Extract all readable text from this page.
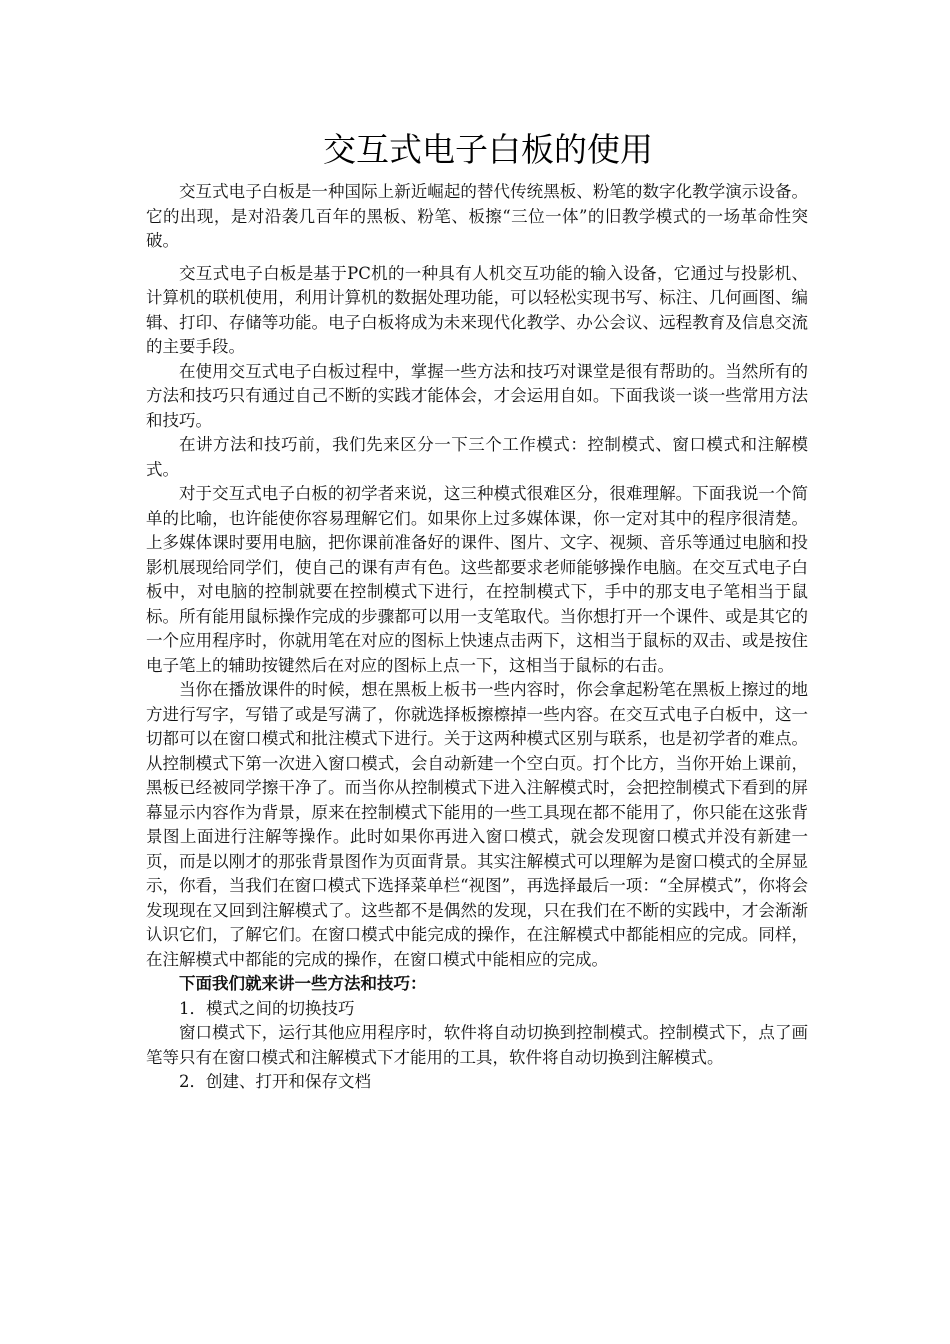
交互式电子白板的使用

交互式电子白板是一种国际上新近崛起的替代传统黑板、粉笔的数字化教学演示设备。它的出现，是对沿袭几百年的黑板、粉笔、板擦“三位一体”的旧教学模式的一场革命性突破。

交互式电子白板是基于PC机的一种具有人机交互功能的输入设备，它通过与投影机、计算机的联机使用，利用计算机的数据处理功能，可以轻松实现书写、标注、几何画图、编辑、打印、存储等功能。电子白板将成为未来现代化教学、办公会议、远程教育及信息交流的主要手段。

在使用交互式电子白板过程中，掌握一些方法和技巧对课堂是很有帮助的。当然所有的方法和技巧只有通过自己不断的实践才能体会，才会运用自如。下面我谈一谈一些常用方法和技巧。

在讲方法和技巧前，我们先来区分一下三个工作模式：控制模式、窗口模式和注解模式。

对于交互式电子白板的初学者来说，这三种模式很难区分，很难理解。下面我说一个简单的比喻，也许能使你容易理解它们。如果你上过多媒体课，你一定对其中的程序很清楚。上多媒体课时要用电脑，把你课前准备好的课件、图片、文字、视频、音乐等通过电脑和投影机展现给同学们，使自己的课有声有色。这些都要求老师能够操作电脑。在交互式电子白板中，对电脑的控制就要在控制模式下进行，在控制模式下，手中的那支电子笔相当于鼠标。所有能用鼠标操作完成的步骤都可以用一支笔取代。当你想打开一个课件、或是其它的一个应用程序时，你就用笔在对应的图标上快速点击两下，这相当于鼠标的双击、或是按住电子笔上的辅助按键然后在对应的图标上点一下，这相当于鼠标的右击。

当你在播放课件的时候，想在黑板上板书一些内容时，你会拿起粉笔在黑板上擦过的地方进行写字，写错了或是写满了，你就选择板擦檫掉一些内容。在交互式电子白板中，这一切都可以在窗口模式和批注模式下进行。关于这两种模式区别与联系，也是初学者的难点。从控制模式下第一次进入窗口模式，会自动新建一个空白页。打个比方，当你开始上课前，黑板已经被同学擦干净了。而当你从控制模式下进入注解模式时，会把控制模式下看到的屏幕显示内容作为背景，原来在控制模式下能用的一些工具现在都不能用了，你只能在这张背景图上面进行注解等操作。此时如果你再进入窗口模式，就会发现窗口模式并没有新建一页，而是以刚才的那张背景图作为页面背景。其实注解模式可以理解为是窗口模式的全屏显示，你看，当我们在窗口模式下选择菜单栏“视图”，再选择最后一项：“全屏模式”，你将会发现现在又回到注解模式了。这些都不是偶然的发现，只在我们在不断的实践中，才会渐渐认识它们，了解它们。在窗口模式中能完成的操作，在注解模式中都能相应的完成。同样，在注解模式中都能的完成的操作，在窗口模式中能相应的完成。

下面我们就来讲一些方法和技巧：

1．模式之间的切换技巧

窗口模式下，运行其他应用程序时，软件将自动切换到控制模式。控制模式下，点了画笔等只有在窗口模式和注解模式下才能用的工具，软件将自动切换到注解模式。

2．创建、打开和保存文档
